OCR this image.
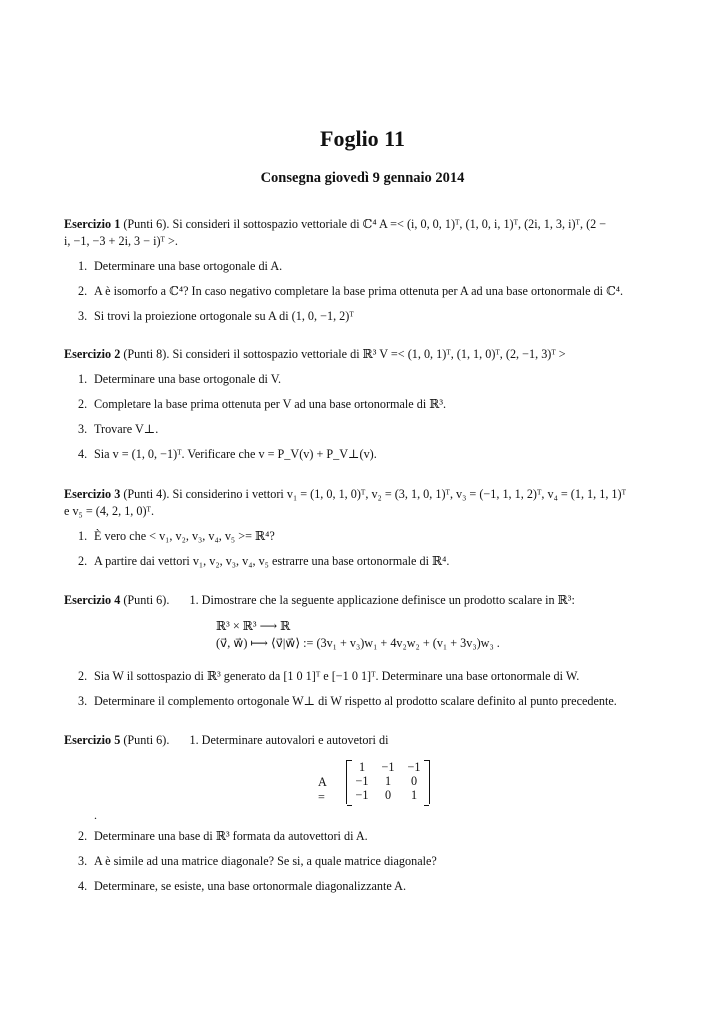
Foglio 11
Consegna giovedì 9 gennaio 2014
Esercizio 1 (Punti 6). Si consideri il sottospazio vettoriale di ℂ⁴ A =< (i, 0, 0, 1)ᵀ, (1, 0, i, 1)ᵀ, (2i, 1, 3, i)ᵀ, (2 −
i, −1, −3 + 2i, 3 − i)ᵀ >.
1. Determinare una base ortogonale di A.
2. A è isomorfo a ℂ⁴? In caso negativo completare la base prima ottenuta per A ad una base ortonormale di ℂ⁴.
3. Si trovi la proiezione ortogonale su A di (1, 0, −1, 2)ᵀ
Esercizio 2 (Punti 8). Si consideri il sottospazio vettoriale di ℝ³ V =< (1, 0, 1)ᵀ, (1, 1, 0)ᵀ, (2, −1, 3)ᵀ >
1. Determinare una base ortogonale di V.
2. Completare la base prima ottenuta per V ad una base ortonormale di ℝ³.
3. Trovare V⊥.
4. Sia v = (1, 0, −1)ᵀ. Verificare che v = P_V(v) + P_V⊥(v).
Esercizio 3 (Punti 4). Si considerino i vettori v₁ = (1, 0, 1, 0)ᵀ, v₂ = (3, 1, 0, 1)ᵀ, v₃ = (−1, 1, 1, 2)ᵀ, v₄ = (1, 1, 1, 1)ᵀ
e v₅ = (4, 2, 1, 0)ᵀ.
1. È vero che < v₁, v₂, v₃, v₄, v₅ >= ℝ⁴?
2. A partire dai vettori v₁, v₂, v₃, v₄, v₅ estrarre una base ortonormale di ℝ⁴.
Esercizio 4 (Punti 6). 1. Dimostrare che la seguente applicazione definisce un prodotto scalare in ℝ³:
ℝ³ × ℝ³ ⟶ ℝ
(v⃗, w⃗) ⟼ ⟨v⃗|w⃗⟩ := (3v₁ + v₃)w₁ + 4v₂w₂ + (v₁ + 3v₃)w₃ .
2. Sia W il sottospazio di ℝ³ generato da [1 0 1]ᵀ e [−1 0 1]ᵀ. Determinare una base ortonormale di W.
3. Determinare il complemento ortogonale W⊥ di W rispetto al prodotto scalare definito al punto precedente.
Esercizio 5 (Punti 6). 1. Determinare autovalori e autovetori di
A =
1	−1	−1
−1	1	0
−1	0	1
.
2. Determinare una base di ℝ³ formata da autovettori di A.
3. A è simile ad una matrice diagonale? Se si, a quale matrice diagonale?
4. Determinare, se esiste, una base ortonormale diagonalizzante A.
